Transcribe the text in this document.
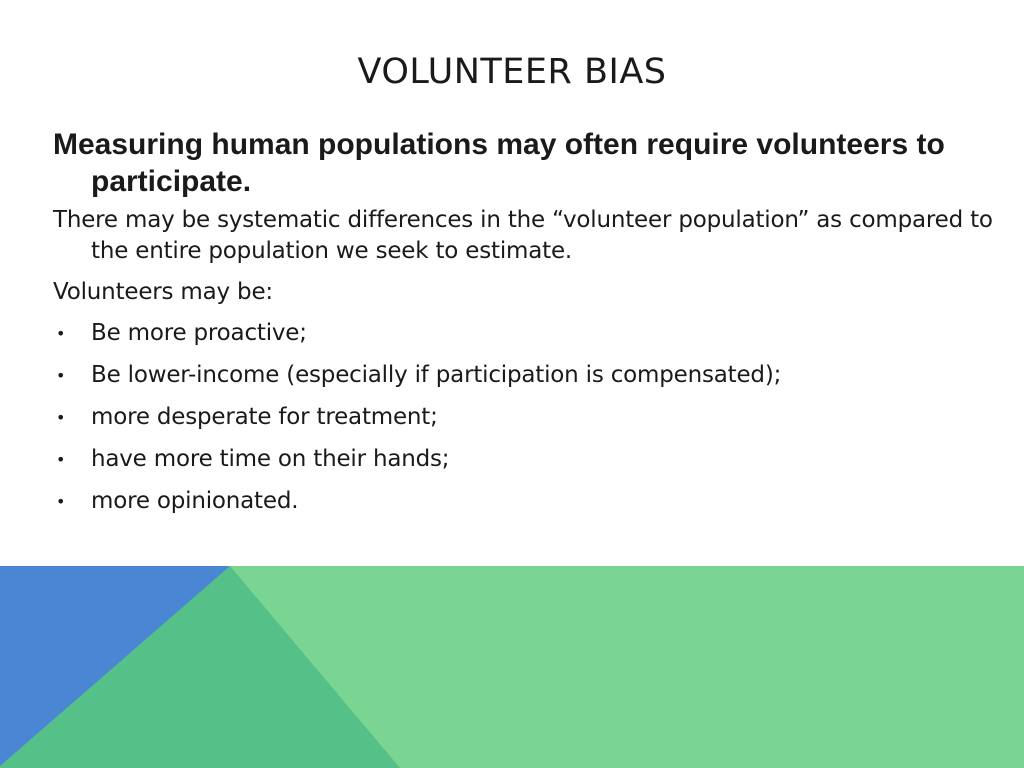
VOLUNTEER BIAS

Measuring human populations may often require volunteers to participate.

There may be systematic differences in the “volunteer population” as compared to the entire population we seek to estimate.

Volunteers may be:

• Be more proactive;
• Be lower-income (especially if participation is compensated);
• more desperate for treatment;
• have more time on their hands;
• more opinionated.
